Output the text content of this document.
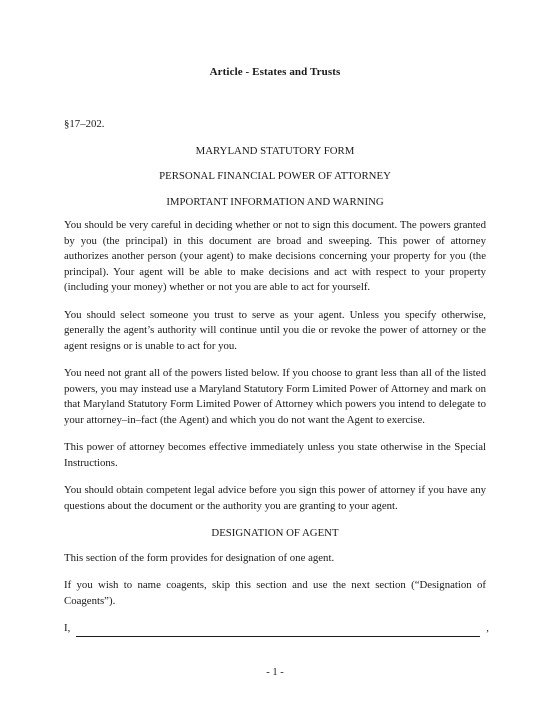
Article - Estates and Trusts
§17–202.
MARYLAND STATUTORY FORM
PERSONAL FINANCIAL POWER OF ATTORNEY
IMPORTANT INFORMATION AND WARNING

You should be very careful in deciding whether or not to sign this document. The powers granted by you (the principal) in this document are broad and sweeping. This power of attorney authorizes another person (your agent) to make decisions concerning your property for you (the principal). Your agent will be able to make decisions and act with respect to your property (including your money) whether or not you are able to act for yourself.

You should select someone you trust to serve as your agent. Unless you specify otherwise, generally the agent’s authority will continue until you die or revoke the power of attorney or the agent resigns or is unable to act for you.

You need not grant all of the powers listed below. If you choose to grant less than all of the listed powers, you may instead use a Maryland Statutory Form Limited Power of Attorney and mark on that Maryland Statutory Form Limited Power of Attorney which powers you intend to delegate to your attorney–in–fact (the Agent) and which you do not want the Agent to exercise.

This power of attorney becomes effective immediately unless you state otherwise in the Special Instructions.

You should obtain competent legal advice before you sign this power of attorney if you have any questions about the document or the authority you are granting to your agent.

DESIGNATION OF AGENT

This section of the form provides for designation of one agent.

If you wish to name coagents, skip this section and use the next section (“Designation of Coagents”).

I,	,
- 1 -
